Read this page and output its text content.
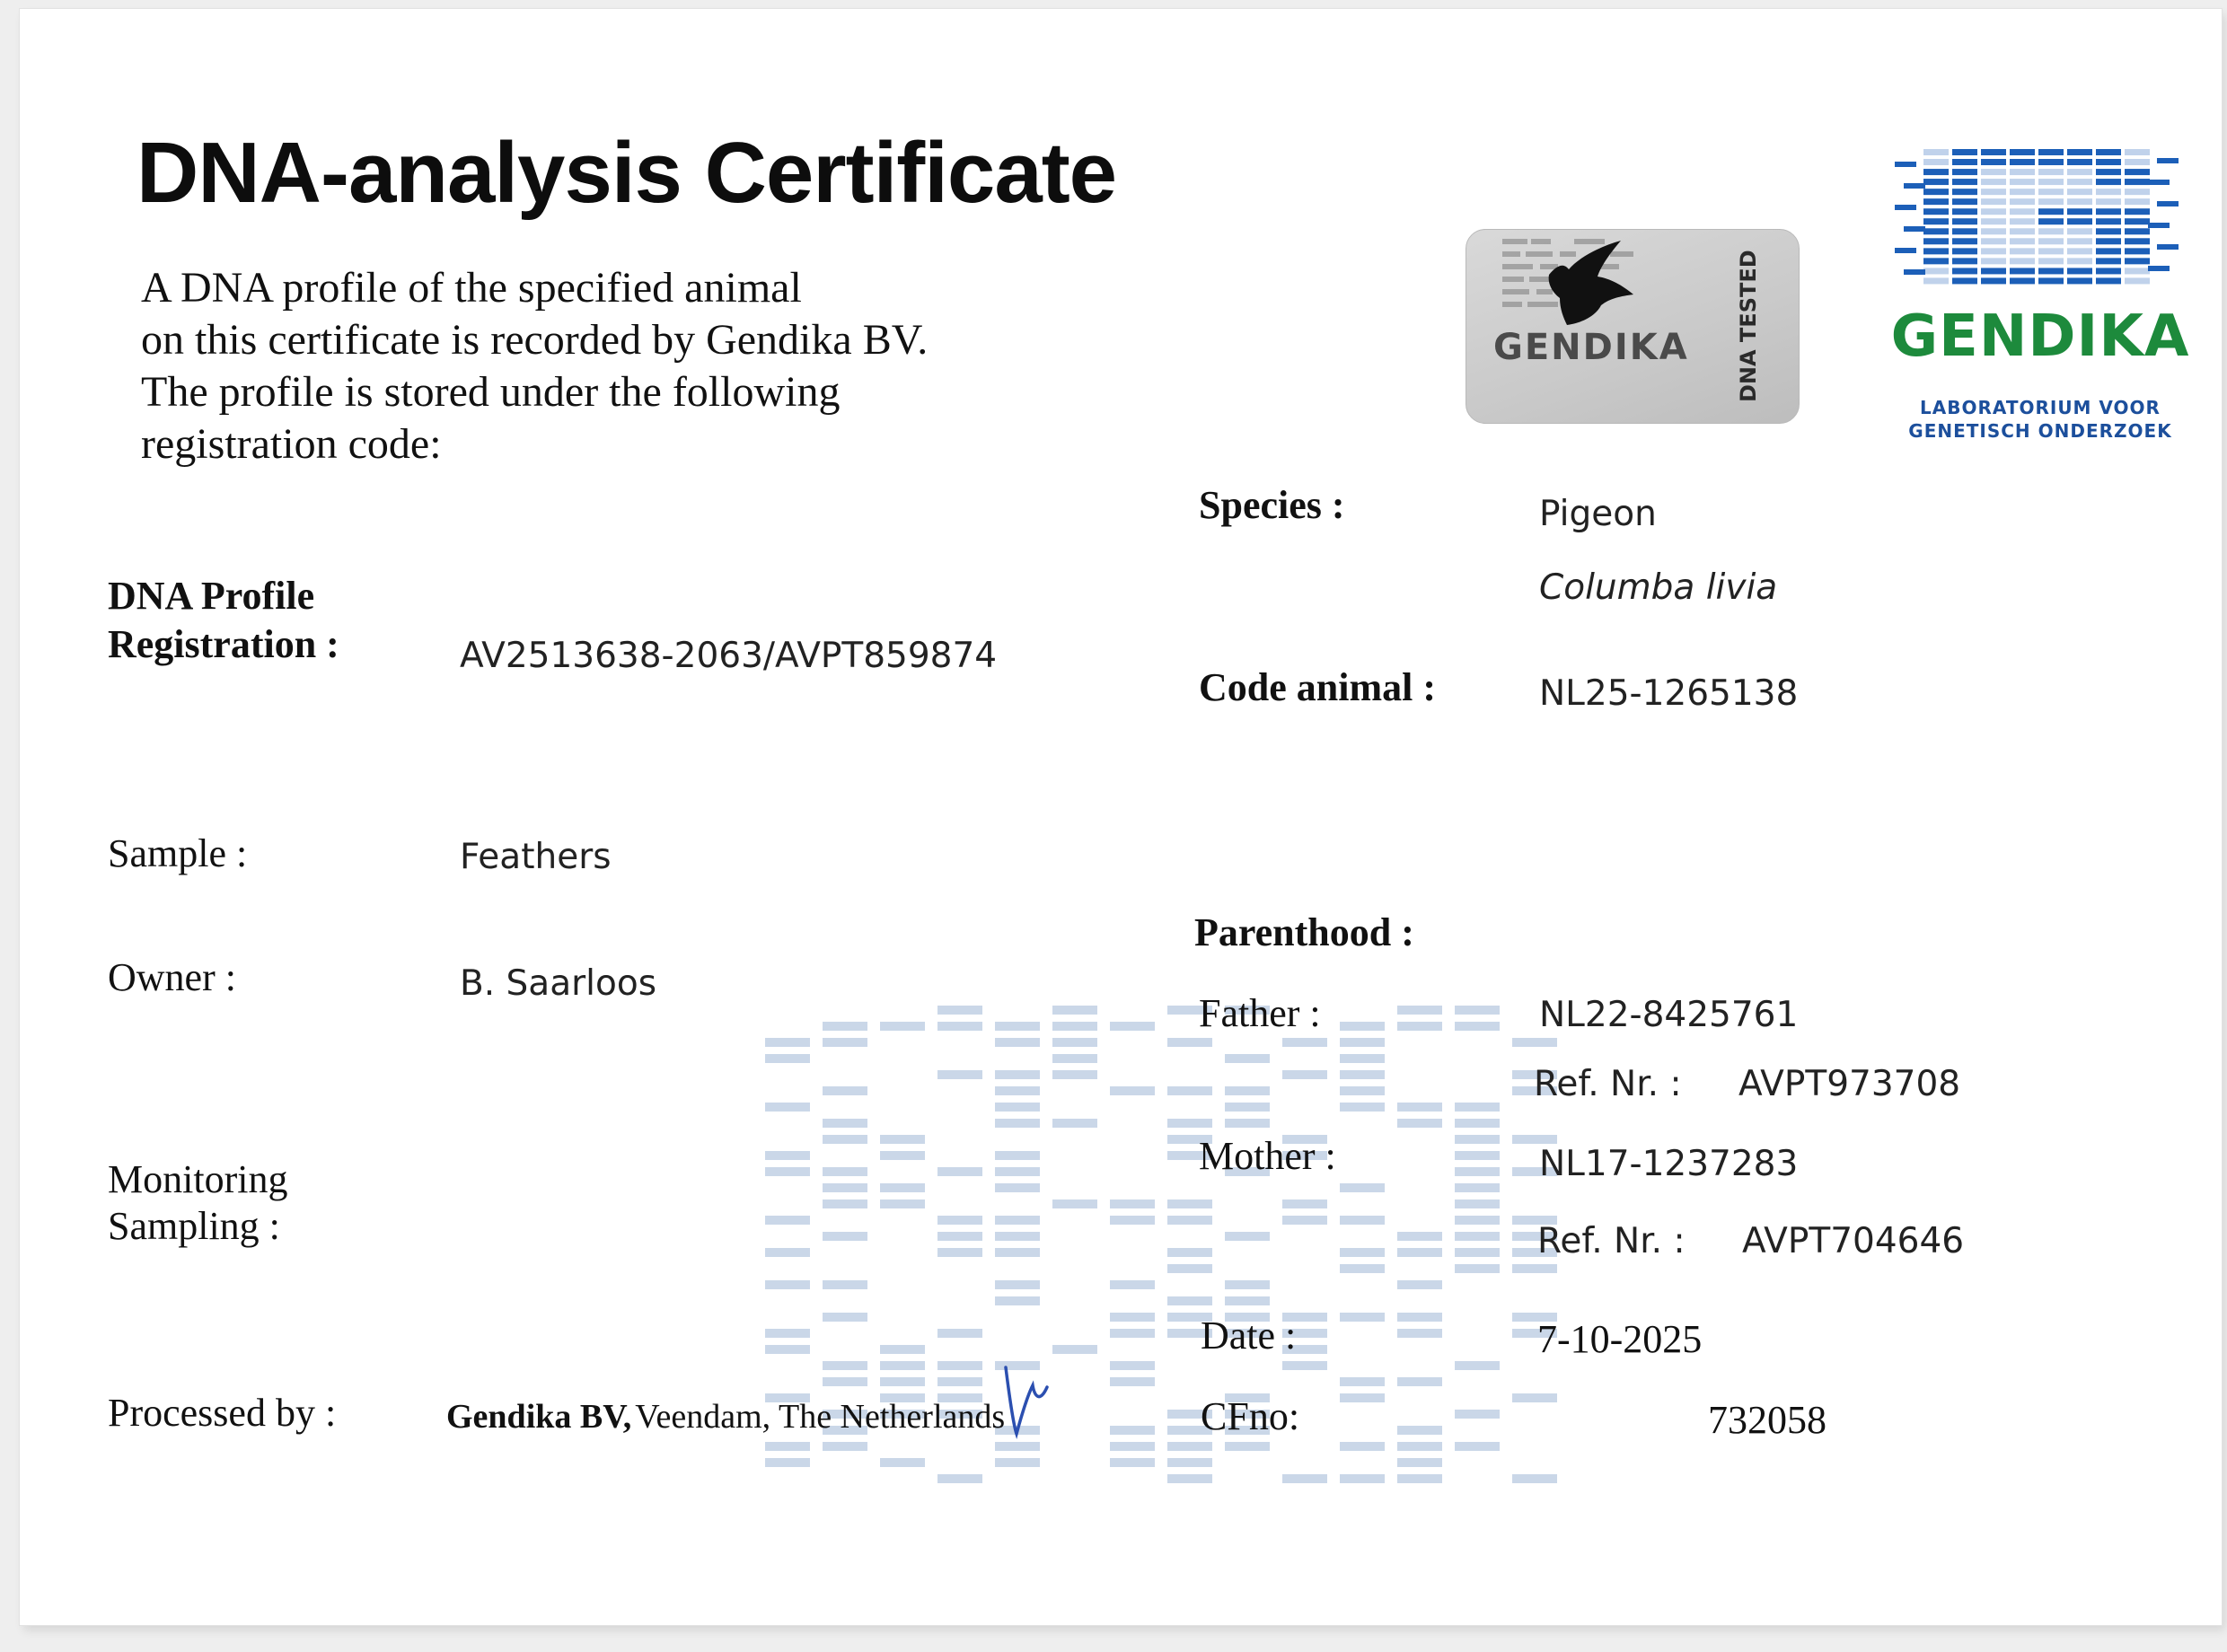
DNA-analysis Certificate
A DNA profile of the specified animal
on this certificate is recorded by Gendika BV.
The profile is stored under the following
registration code:
DNA Profile
Registration :	AV2513638-2063/AVPT859874
Sample :	Feathers
Owner :	B. Saarloos
Monitoring
Sampling :
Processed by :	Gendika BV, Veendam, The Netherlands
Species :	Pigeon
Columba livia
Code animal :	NL25-1265138
Parenthood :
Father :	NL22-8425761
Ref. Nr. : AVPT973708
Mother :	NL17-1237283
Ref. Nr. : AVPT704646
Date :	7-10-2025
CFno:	732058
GENDIKA DNA TESTED GENDIKA
LABORATORIUM VOOR
GENETISCH ONDERZOEK
